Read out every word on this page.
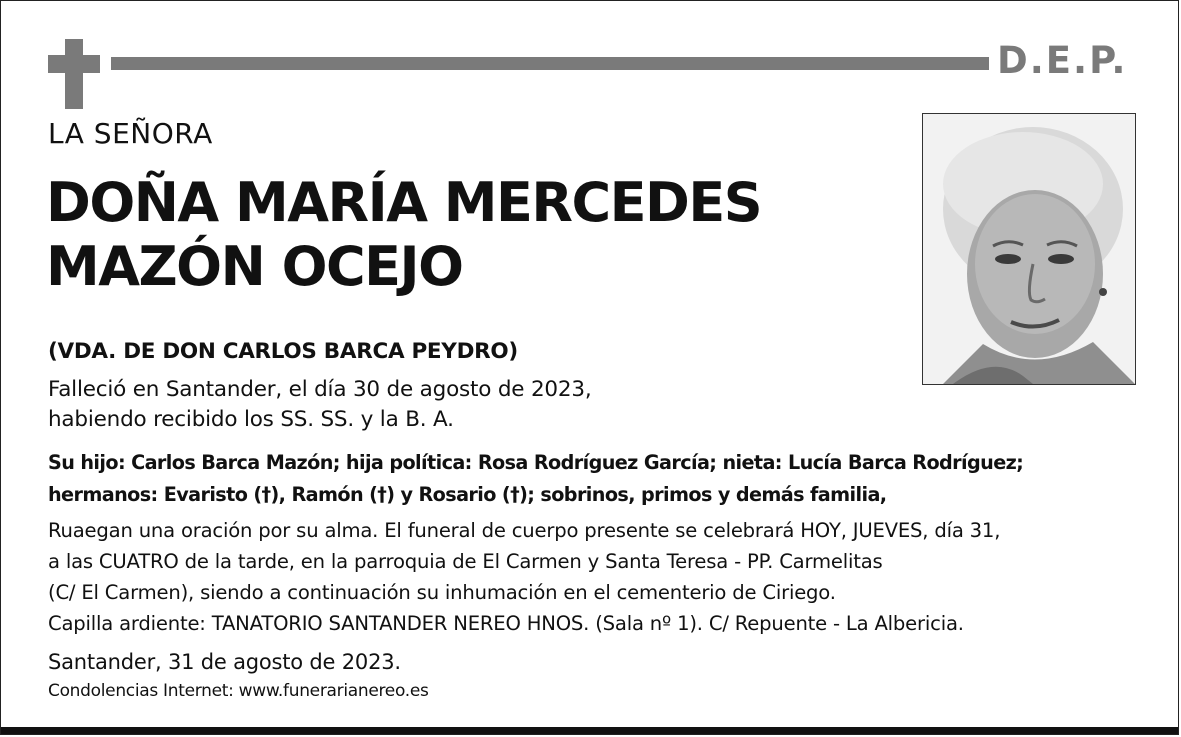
D.E.P.
LA SEÑORA
DOÑA MARÍA MERCEDES
MAZÓN OCEJO
(VDA. DE DON CARLOS BARCA PEYDRO)
Falleció en Santander, el día 30 de agosto de 2023,
habiendo recibido los SS. SS. y la B. A.
Su hijo: Carlos Barca Mazón; hija política: Rosa Rodríguez García; nieta: Lucía Barca Rodríguez;
hermanos: Evaristo (†), Ramón (†) y Rosario (†); sobrinos, primos y demás familia,
Ruaegan una oración por su alma. El funeral de cuerpo presente se celebrará HOY, JUEVES, día 31,
a las CUATRO de la tarde, en la parroquia de El Carmen y Santa Teresa - PP. Carmelitas
(C/ El Carmen), siendo a continuación su inhumación en el cementerio de Ciriego.
Capilla ardiente: TANATORIO SANTANDER NEREO HNOS. (Sala nº 1). C/ Repuente - La Albericia.
Santander, 31 de agosto de 2023.
Condolencias Internet: www.funerarianereo.es
